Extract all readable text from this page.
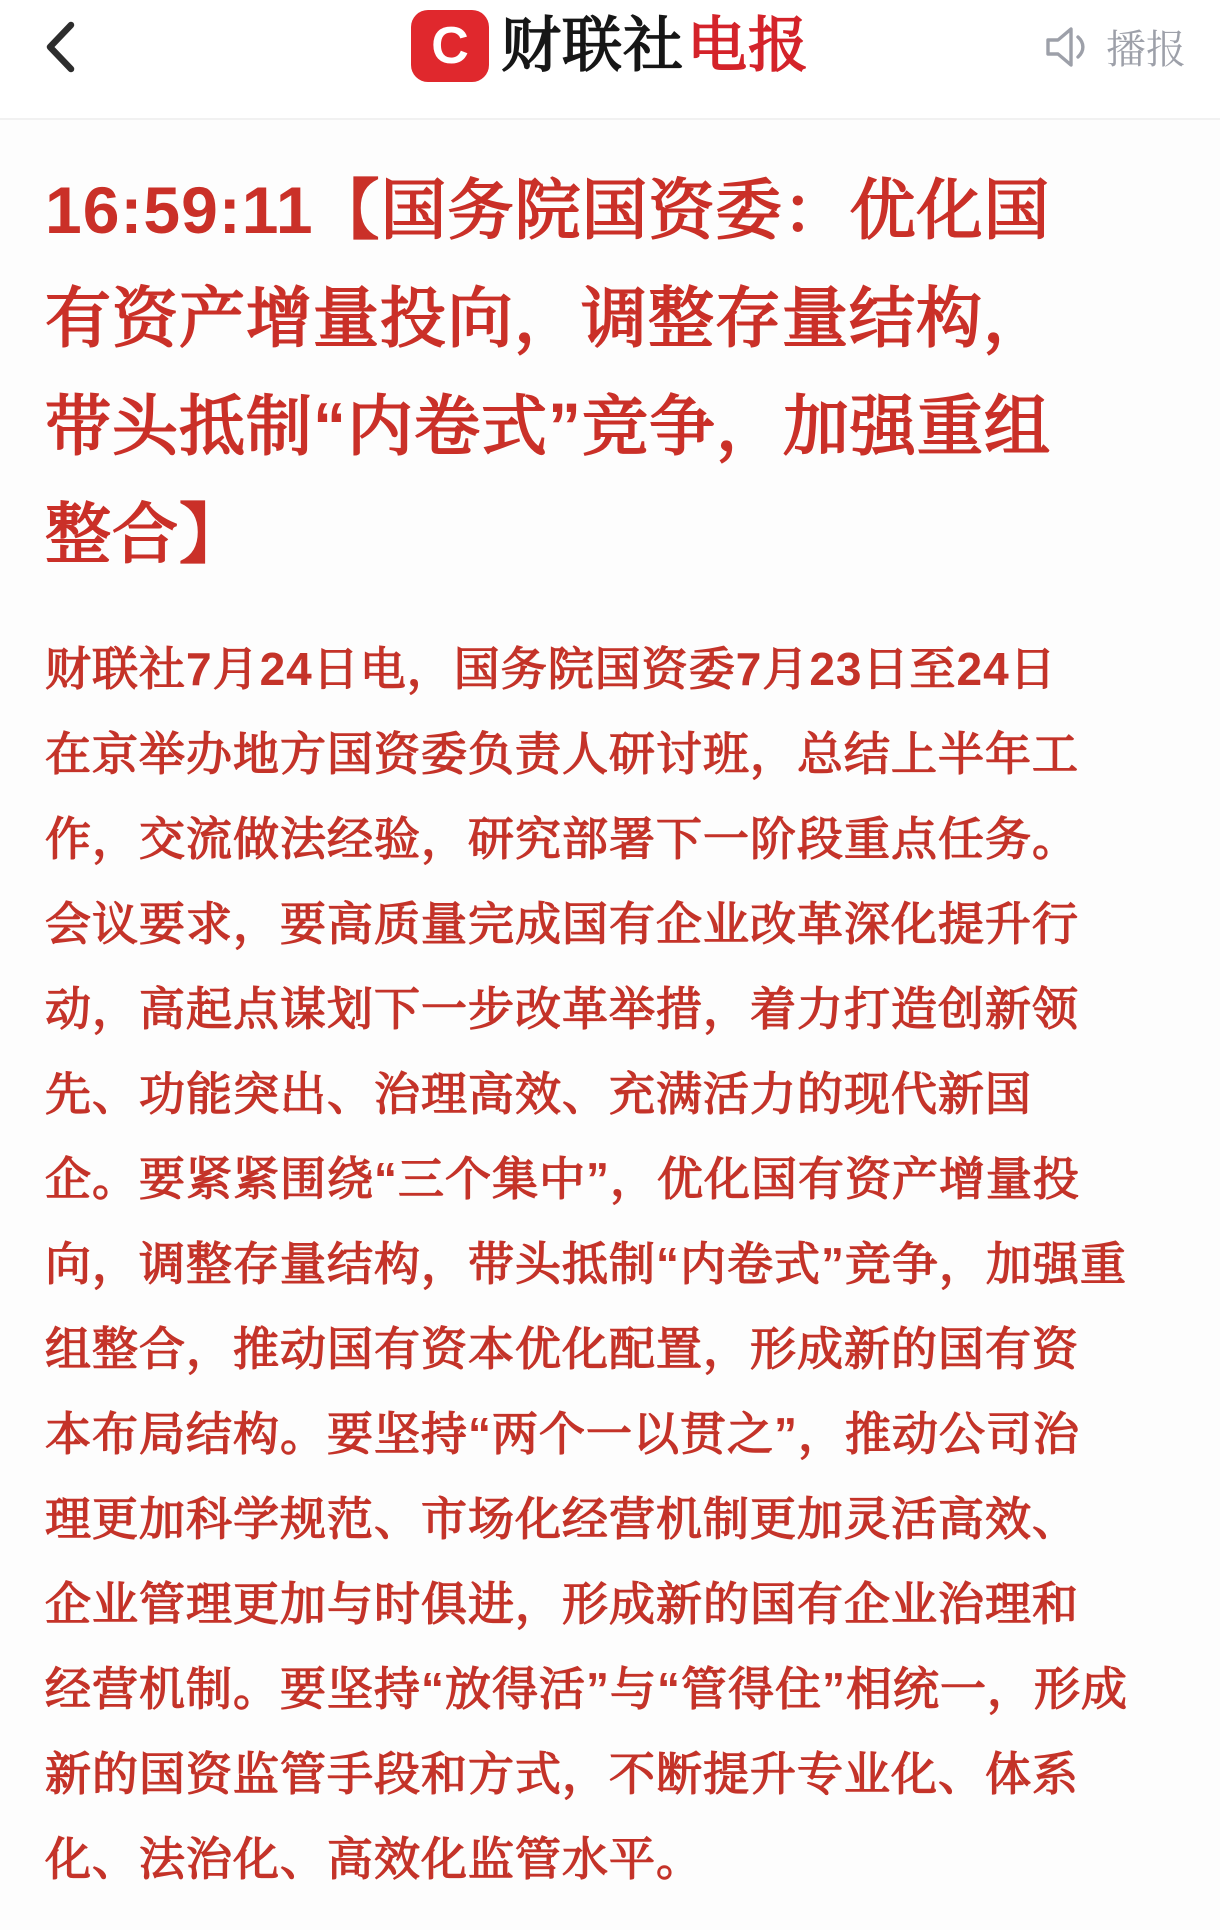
C 财联社 电报	播报
16:59:11【国务院国资委：优化国
有资产增量投向，调整存量结构，
带头抵制“内卷式”竞争，加强重组
整合】
财联社7月24日电，国务院国资委7月23日至24日
在京举办地方国资委负责人研讨班，总结上半年工
作，交流做法经验，研究部署下一阶段重点任务。
会议要求，要高质量完成国有企业改革深化提升行
动，高起点谋划下一步改革举措，着力打造创新领
先、功能突出、治理高效、充满活力的现代新国
企。要紧紧围绕“三个集中”，优化国有资产增量投
向，调整存量结构，带头抵制“内卷式”竞争，加强重
组整合，推动国有资本优化配置，形成新的国有资
本布局结构。要坚持“两个一以贯之”，推动公司治
理更加科学规范、市场化经营机制更加灵活高效、
企业管理更加与时俱进，形成新的国有企业治理和
经营机制。要坚持“放得活”与“管得住”相统一，形成
新的国资监管手段和方式，不断提升专业化、体系
化、法治化、高效化监管水平。
